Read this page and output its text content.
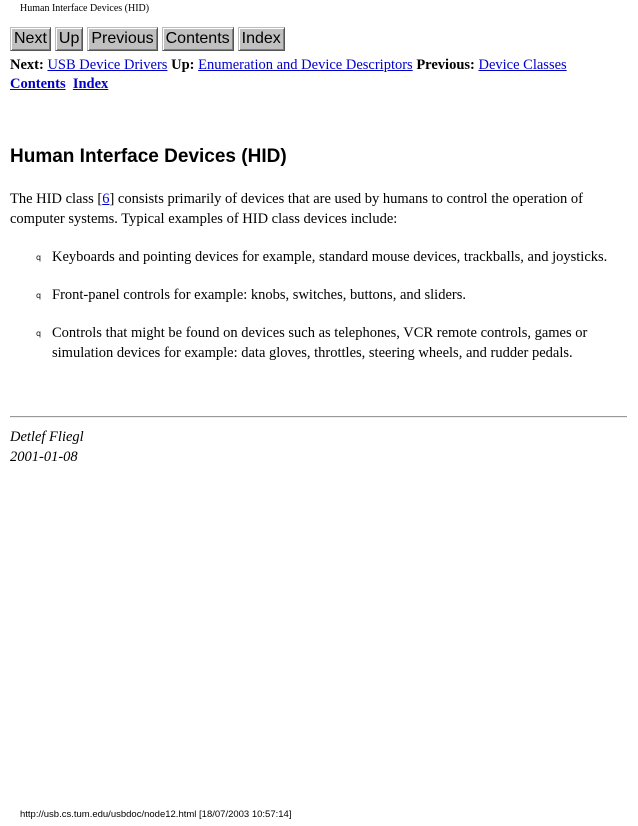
Human Interface Devices (HID)
Next Up Previous Contents Index
Next: USB Device Drivers Up: Enumeration and Device Descriptors Previous: Device Classes
Contents Index
Human Interface Devices (HID)

The HID class [6] consists primarily of devices that are used by humans to control the operation of computer systems. Typical examples of HID class devices include:

q Keyboards and pointing devices for example, standard mouse devices, trackballs, and joysticks.
q Front-panel controls for example: knobs, switches, buttons, and sliders.
q Controls that might be found on devices such as telephones, VCR remote controls, games or simulation devices for example: data gloves, throttles, steering wheels, and rudder pedals.
Detlef Fliegl
2001-01-08
http://usb.cs.tum.edu/usbdoc/node12.html [18/07/2003 10:57:14]
